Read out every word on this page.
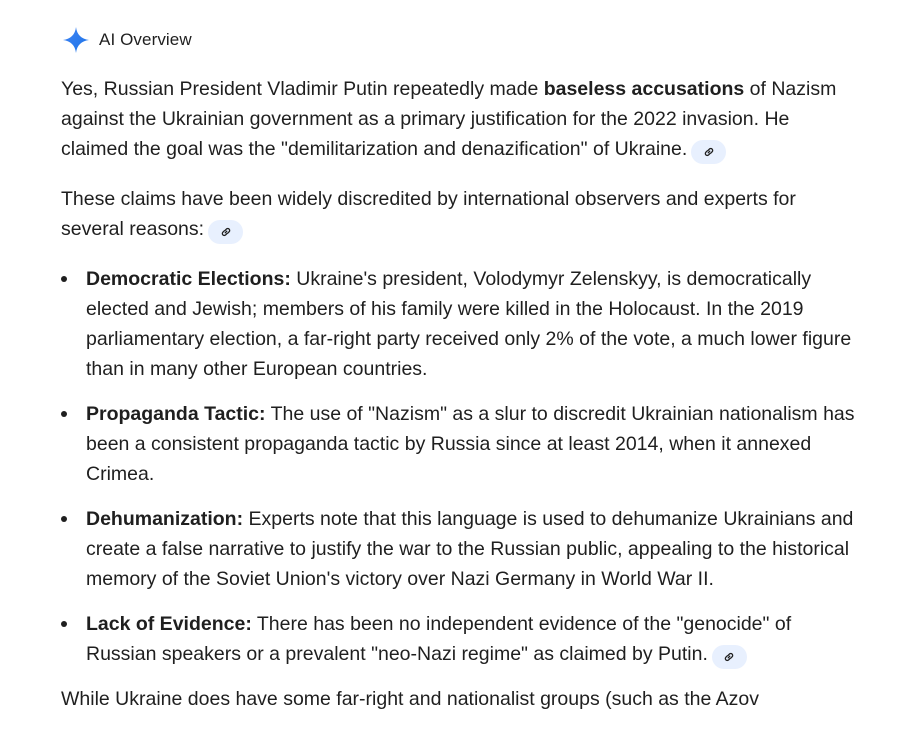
AI Overview

Yes, Russian President Vladimir Putin repeatedly made baseless accusations of Nazism against the Ukrainian government as a primary justification for the 2022 invasion. He claimed the goal was the "demilitarization and denazification" of Ukraine.

These claims have been widely discredited by international observers and experts for several reasons:

Democratic Elections: Ukraine's president, Volodymyr Zelenskyy, is democratically elected and Jewish; members of his family were killed in the Holocaust. In the 2019 parliamentary election, a far-right party received only 2% of the vote, a much lower figure than in many other European countries.
Propaganda Tactic: The use of "Nazism" as a slur to discredit Ukrainian nationalism has been a consistent propaganda tactic by Russia since at least 2014, when it annexed Crimea.
Dehumanization: Experts note that this language is used to dehumanize Ukrainians and create a false narrative to justify the war to the Russian public, appealing to the historical memory of the Soviet Union's victory over Nazi Germany in World War II.
Lack of Evidence: There has been no independent evidence of the "genocide" of Russian speakers or a prevalent "neo-Nazi regime" as claimed by Putin.

While Ukraine does have some far-right and nationalist groups (such as the Azov
